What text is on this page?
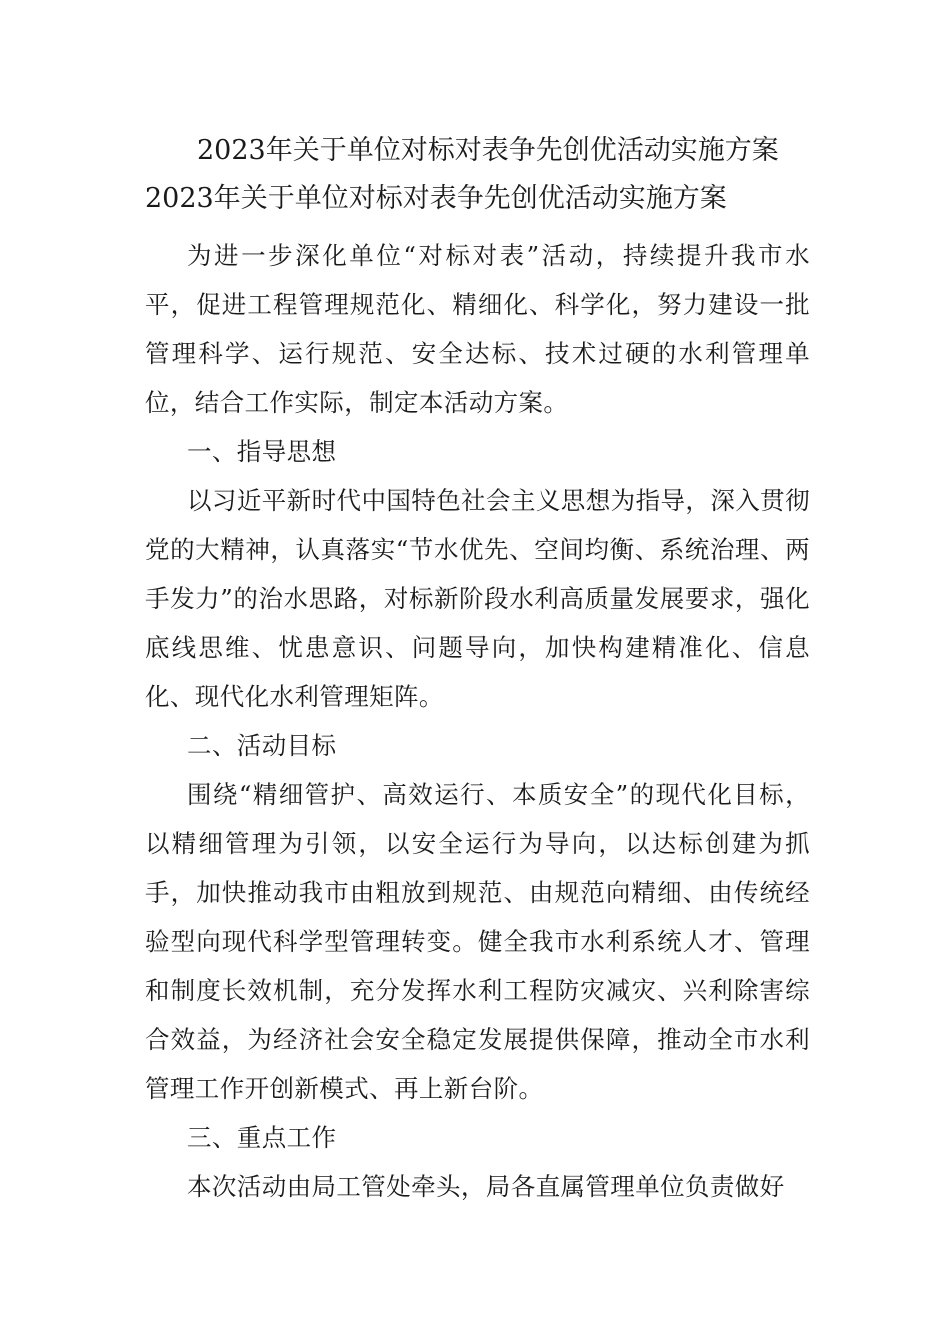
2023年关于单位对标对表争先创优活动实施方案
2023年关于单位对标对表争先创优活动实施方案

为进一步深化单位“对标对表”活动，持续提升我市水平，促进工程管理规范化、精细化、科学化，努力建设一批管理科学、运行规范、安全达标、技术过硬的水利管理单位，结合工作实际，制定本活动方案。

一、指导思想

以习近平新时代中国特色社会主义思想为指导，深入贯彻党的大精神，认真落实“节水优先、空间均衡、系统治理、两手发力”的治水思路，对标新阶段水利高质量发展要求，强化底线思维、忧患意识、问题导向，加快构建精准化、信息化、现代化水利管理矩阵。

二、活动目标

围绕“精细管护、高效运行、本质安全”的现代化目标，以精细管理为引领，以安全运行为导向，以达标创建为抓手，加快推动我市由粗放到规范、由规范向精细、由传统经验型向现代科学型管理转变。健全我市水利系统人才、管理和制度长效机制，充分发挥水利工程防灾减灾、兴利除害综合效益，为经济社会安全稳定发展提供保障，推动全市水利管理工作开创新模式、再上新台阶。

三、重点工作

本次活动由局工管处牵头，局各直属管理单位负责做好
